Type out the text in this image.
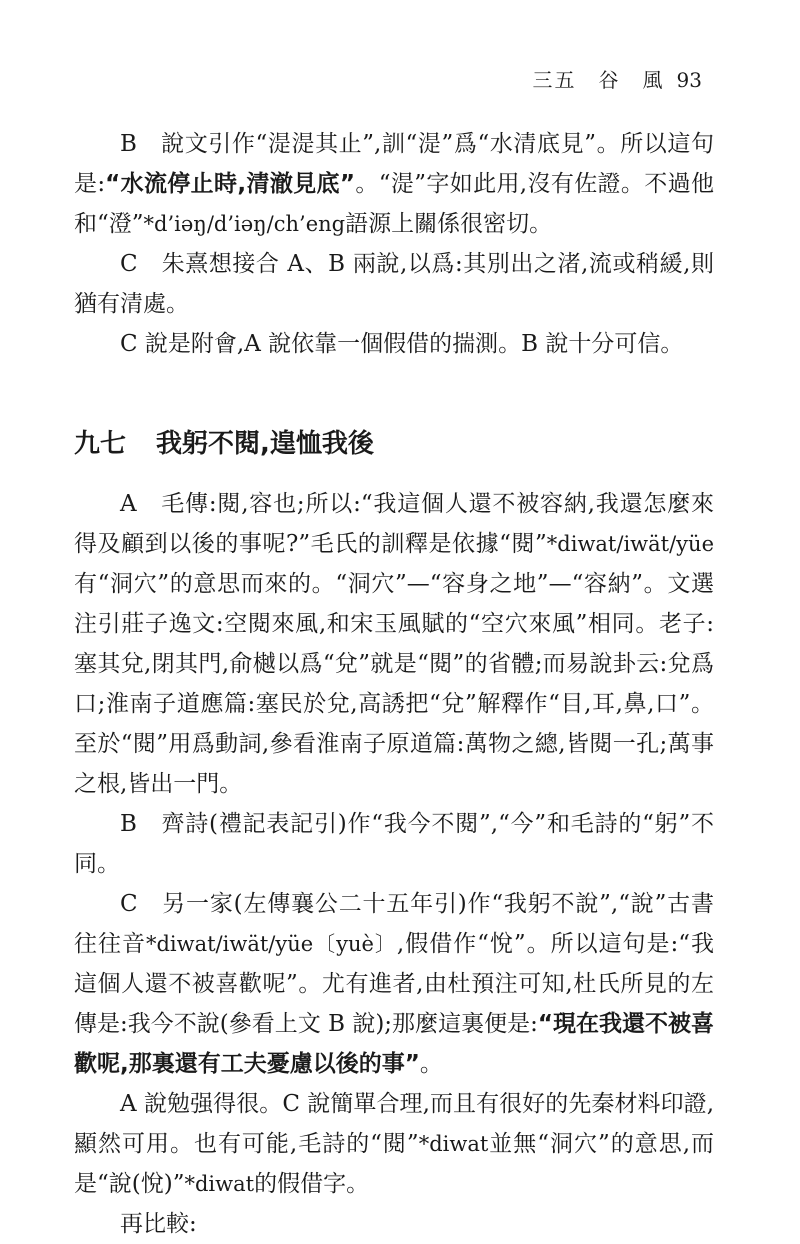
三五　谷　風 93

B　說文引作“湜湜其止”,訓“湜”爲“水清底見”。所以這句是:“水流停止時,清澈見底”。“湜”字如此用,沒有佐證。不過他和“澄”*d’iəŋ/d’iəŋ/ch’eng語源上關係很密切。

C　朱熹想接合 A、B 兩說,以爲:其別出之渚,流或稍緩,則猶有清處。

C 說是附會,A 說依靠一個假借的揣測。B 說十分可信。

九七 我躬不閱,遑恤我後

A　毛傳:閱,容也;所以:“我這個人還不被容納,我還怎麼來得及顧到以後的事呢?”毛氏的訓釋是依據“閱”*diwat/iwät/yüe有“洞穴”的意思而來的。“洞穴”—“容身之地”—“容納”。文選注引莊子逸文:空閱來風,和宋玉風賦的“空穴來風”相同。老子:塞其兌,閉其門,俞樾以爲“兌”就是“閱”的省體;而易說卦云:兌爲口;淮南子道應篇:塞民於兌,高誘把“兌”解釋作“目,耳,鼻,口”。至於“閱”用爲動詞,參看淮南子原道篇:萬物之總,皆閱一孔;萬事之根,皆出一門。

B　齊詩(禮記表記引)作“我今不閱”,“今”和毛詩的“躬”不同。

C　另一家(左傳襄公二十五年引)作“我躬不說”,“說”古書往往音*diwat/iwät/yüe〔yuè〕,假借作“悅”。所以這句是:“我這個人還不被喜歡呢”。尤有進者,由杜預注可知,杜氏所見的左傳是:我今不說(參看上文 B 說);那麼這裏便是:“現在我還不被喜歡呢,那裏還有工夫憂慮以後的事”。

A 說勉强得很。C 說簡單合理,而且有很好的先秦材料印證,顯然可用。也有可能,毛詩的“閱”*diwat並無“洞穴”的意思,而是“說(悅)”*diwat的假借字。

再比較:
